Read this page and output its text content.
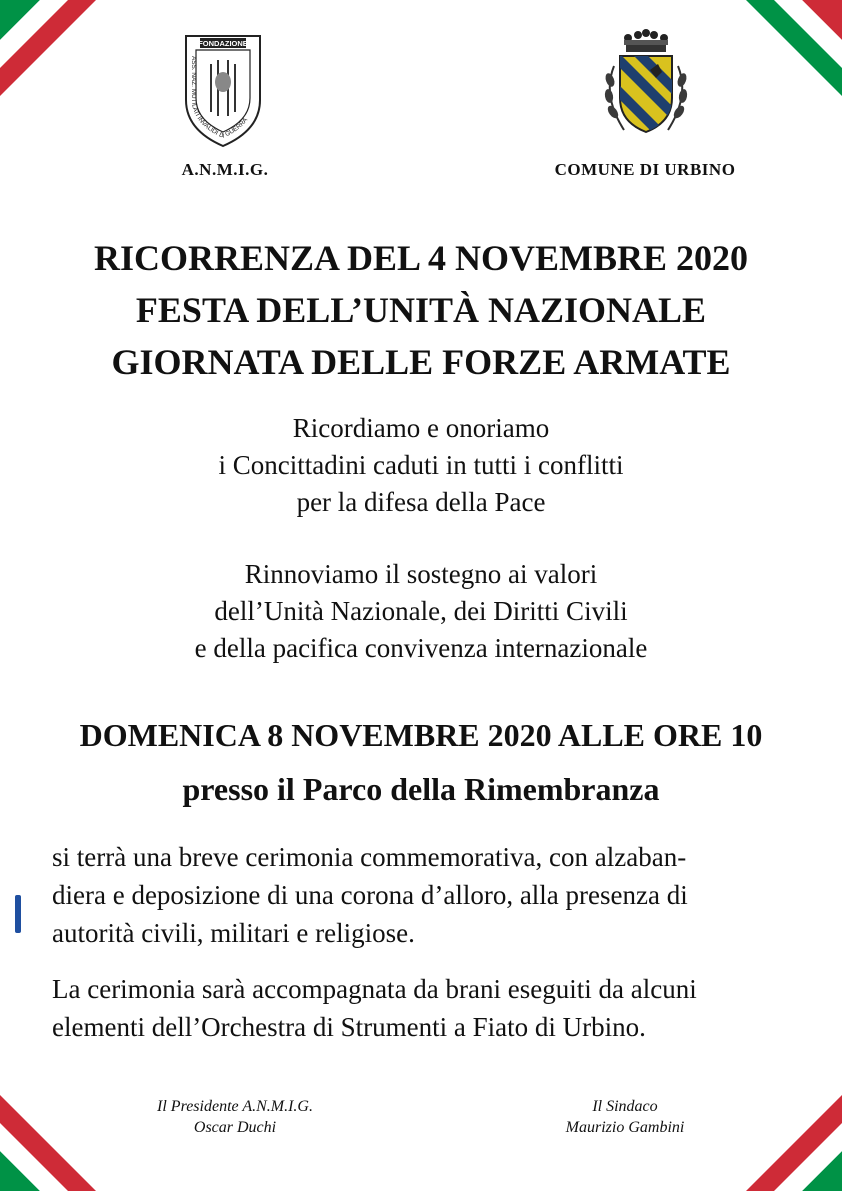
FONDAZIONE
ASS. NAZ. MUTILATI INVALIDI DI GUERRA
A.N.M.I.G.	COMUNE DI URBINO
RICORRENZA DEL 4 NOVEMBRE 2020
FESTA DELL’UNITÀ NAZIONALE
GIORNATA DELLE FORZE ARMATE
Ricordiamo e onoriamo
i Concittadini caduti in tutti i conflitti
per la difesa della Pace
Rinnoviamo il sostegno ai valori
dell’Unità Nazionale, dei Diritti Civili
e della pacifica convivenza internazionale
DOMENICA 8 NOVEMBRE 2020 ALLE ORE 10
presso il Parco della Rimembranza
si terrà una breve cerimonia commemorativa, con alzaban-
diera e deposizione di una corona d’alloro, alla presenza di
autorità civili, militari e religiose.
La cerimonia sarà accompagnata da brani eseguiti da alcuni
elementi dell’Orchestra di Strumenti a Fiato di Urbino.
Il Presidente A.N.M.I.G.
Oscar Duchi
Il Sindaco
Maurizio Gambini
